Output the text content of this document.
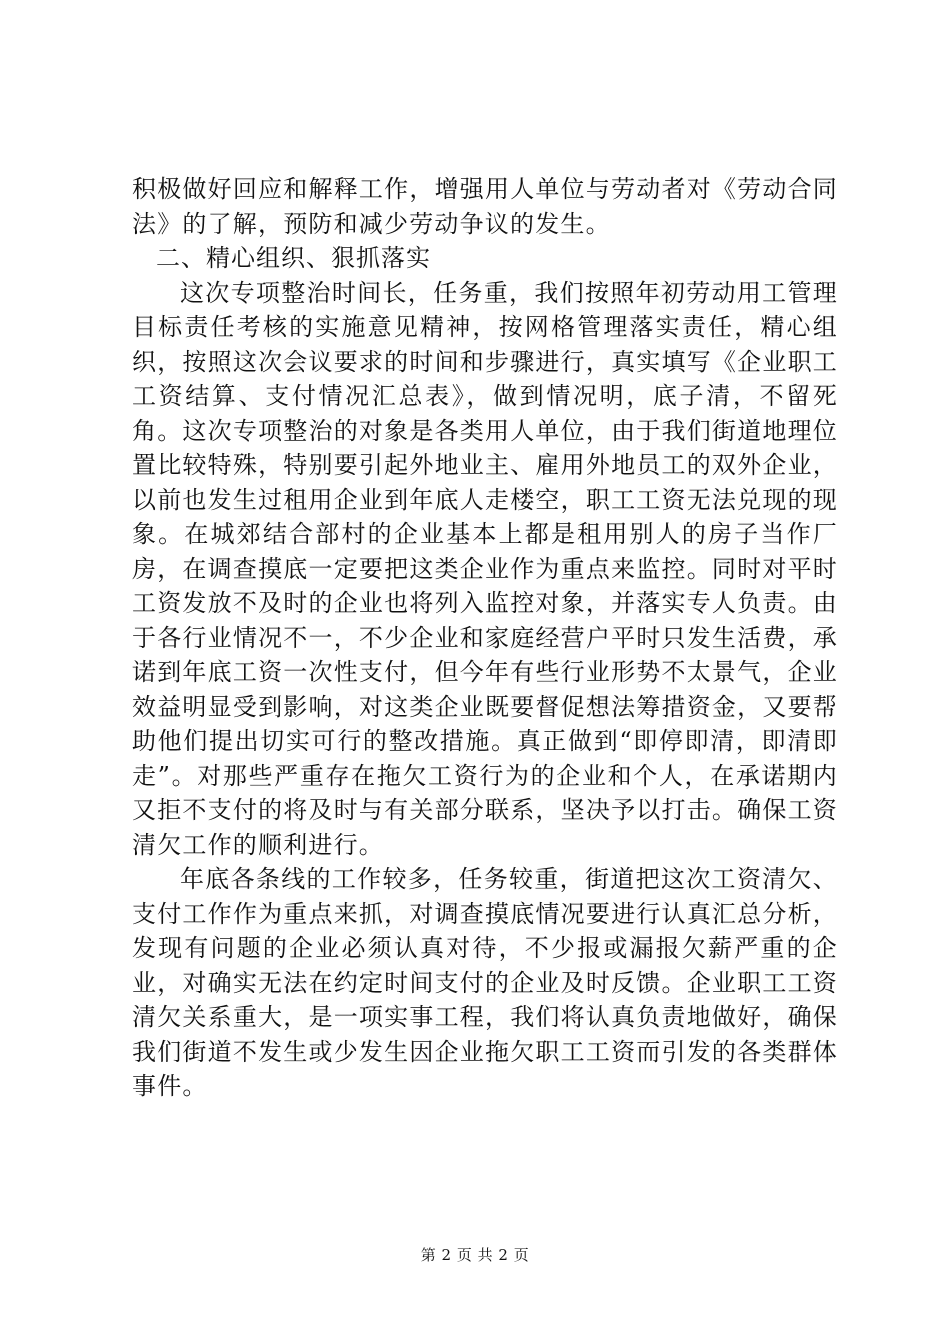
积极做好回应和解释工作，增强用人单位与劳动者对《劳动合同法》的了解，预防和减少劳动争议的发生。

二、精心组织、狠抓落实

这次专项整治时间长，任务重，我们按照年初劳动用工管理目标责任考核的实施意见精神，按网格管理落实责任，精心组织，按照这次会议要求的时间和步骤进行，真实填写《企业职工工资结算、支付情况汇总表》，做到情况明，底子清，不留死角。这次专项整治的对象是各类用人单位，由于我们街道地理位置比较特殊，特别要引起外地业主、雇用外地员工的双外企业，以前也发生过租用企业到年底人走楼空，职工工资无法兑现的现象。在城郊结合部村的企业基本上都是租用别人的房子当作厂房，在调查摸底一定要把这类企业作为重点来监控。同时对平时工资发放不及时的企业也将列入监控对象，并落实专人负责。由于各行业情况不一，不少企业和家庭经营户平时只发生活费，承诺到年底工资一次性支付，但今年有些行业形势不太景气，企业效益明显受到影响，对这类企业既要督促想法筹措资金，又要帮助他们提出切实可行的整改措施。真正做到“即停即清，即清即走”。对那些严重存在拖欠工资行为的企业和个人，在承诺期内又拒不支付的将及时与有关部分联系，坚决予以打击。确保工资清欠工作的顺利进行。

年底各条线的工作较多，任务较重，街道把这次工资清欠、支付工作作为重点来抓，对调查摸底情况要进行认真汇总分析，发现有问题的企业必须认真对待，不少报或漏报欠薪严重的企业，对确实无法在约定时间支付的企业及时反馈。企业职工工资清欠关系重大，是一项实事工程，我们将认真负责地做好，确保我们街道不发生或少发生因企业拖欠职工工资而引发的各类群体事件。

第 2 页 共 2 页
